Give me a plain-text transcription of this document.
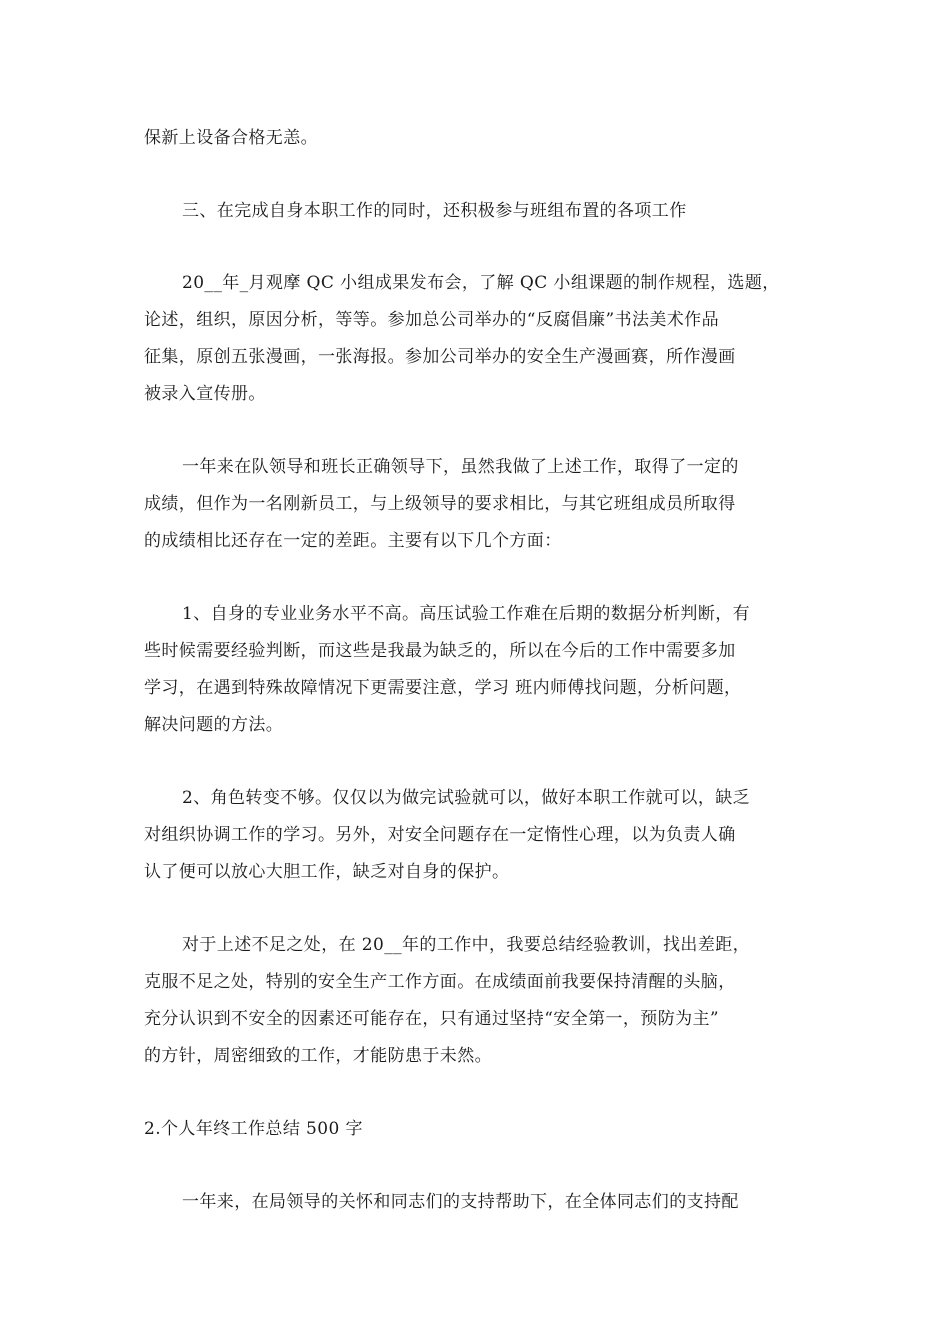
保新上设备合格无恙。
三、在完成自身本职工作的同时，还积极参与班组布置的各项工作
20__年_月观摩 QC 小组成果发布会，了解 QC 小组课题的制作规程，选题，
论述，组织，原因分析，等等。参加总公司举办的“反腐倡廉”书法美术作品
征集，原创五张漫画，一张海报。参加公司举办的安全生产漫画赛，所作漫画
被录入宣传册。
一年来在队领导和班长正确领导下，虽然我做了上述工作，取得了一定的
成绩，但作为一名刚新员工，与上级领导的要求相比，与其它班组成员所取得
的成绩相比还存在一定的差距。主要有以下几个方面：
1、自身的专业业务水平不高。高压试验工作难在后期的数据分析判断，有
些时候需要经验判断，而这些是我最为缺乏的，所以在今后的工作中需要多加
学习，在遇到特殊故障情况下更需要注意，学习 班内师傅找问题，分析问题，
解决问题的方法。
2、角色转变不够。仅仅以为做完试验就可以，做好本职工作就可以，缺乏
对组织协调工作的学习。另外，对安全问题存在一定惰性心理，以为负责人确
认了便可以放心大胆工作，缺乏对自身的保护。
对于上述不足之处，在 20__年的工作中，我要总结经验教训，找出差距，
克服不足之处，特别的安全生产工作方面。在成绩面前我要保持清醒的头脑，
充分认识到不安全的因素还可能存在，只有通过坚持“安全第一，预防为主”
的方针，周密细致的工作，才能防患于未然。
2.个人年终工作总结 500 字
一年来，在局领导的关怀和同志们的支持帮助下，在全体同志们的支持配
